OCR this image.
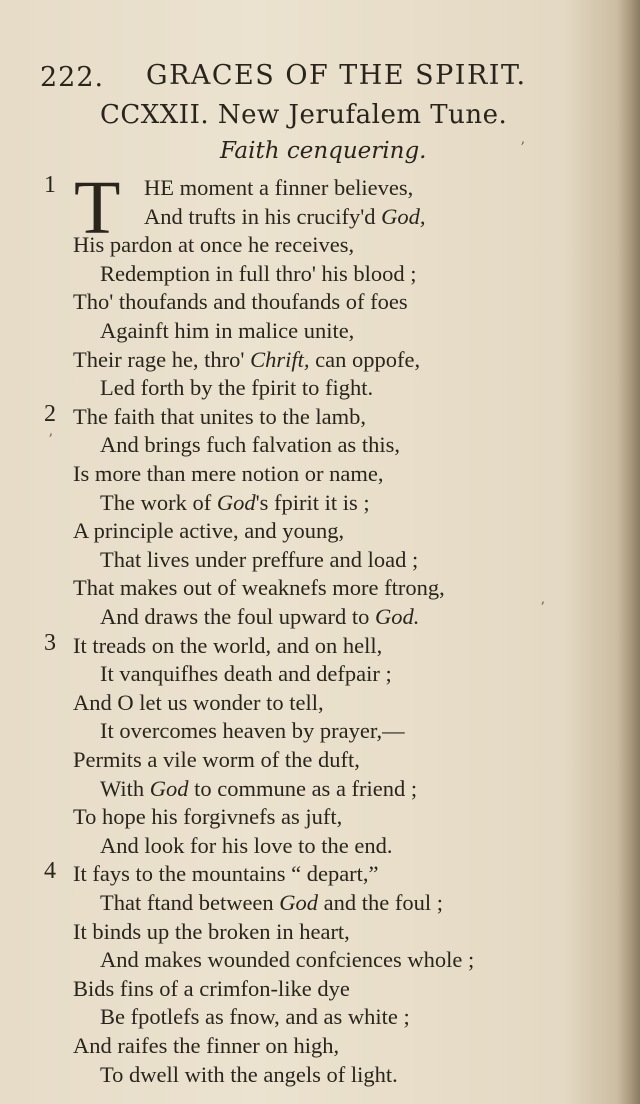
222. GRACES OF THE SPIRIT.
CCXXII. New Jerufalem Tune.
Faith cenquering.
T
1	HE moment a finner believes,
And trufts in his crucify'd God,
His pardon at once he receives,
Redemption in full thro' his blood ;
Tho' thoufands and thoufands of foes
Againft him in malice unite,
Their rage he, thro' Chrift, can oppofe,
Led forth by the fpirit to fight.
2 The faith that unites to the lamb,
And brings fuch falvation as this,
Is more than mere notion or name,
The work of God's fpirit it is ;
A principle active, and young,
That lives under preffure and load ;
That makes out of weaknefs more ftrong,
And draws the foul upward to God.
3 It treads on the world, and on hell,
It vanquifhes death and defpair ;
And O let us wonder to tell,
It overcomes heaven by prayer,—
Permits a vile worm of the duft,
With God to commune as a friend ;
To hope his forgivnefs as juft,
And look for his love to the end.
4 It fays to the mountains “ depart,”
That ftand between God and the foul ;
It binds up the broken in heart,
And makes wounded confciences whole ;
Bids fins of a crimfon-like dye
Be fpotlefs as fnow, and as white ;
And raifes the finner on high,
To dwell with the angels of light.
ʼ
ʼ
ʼ
